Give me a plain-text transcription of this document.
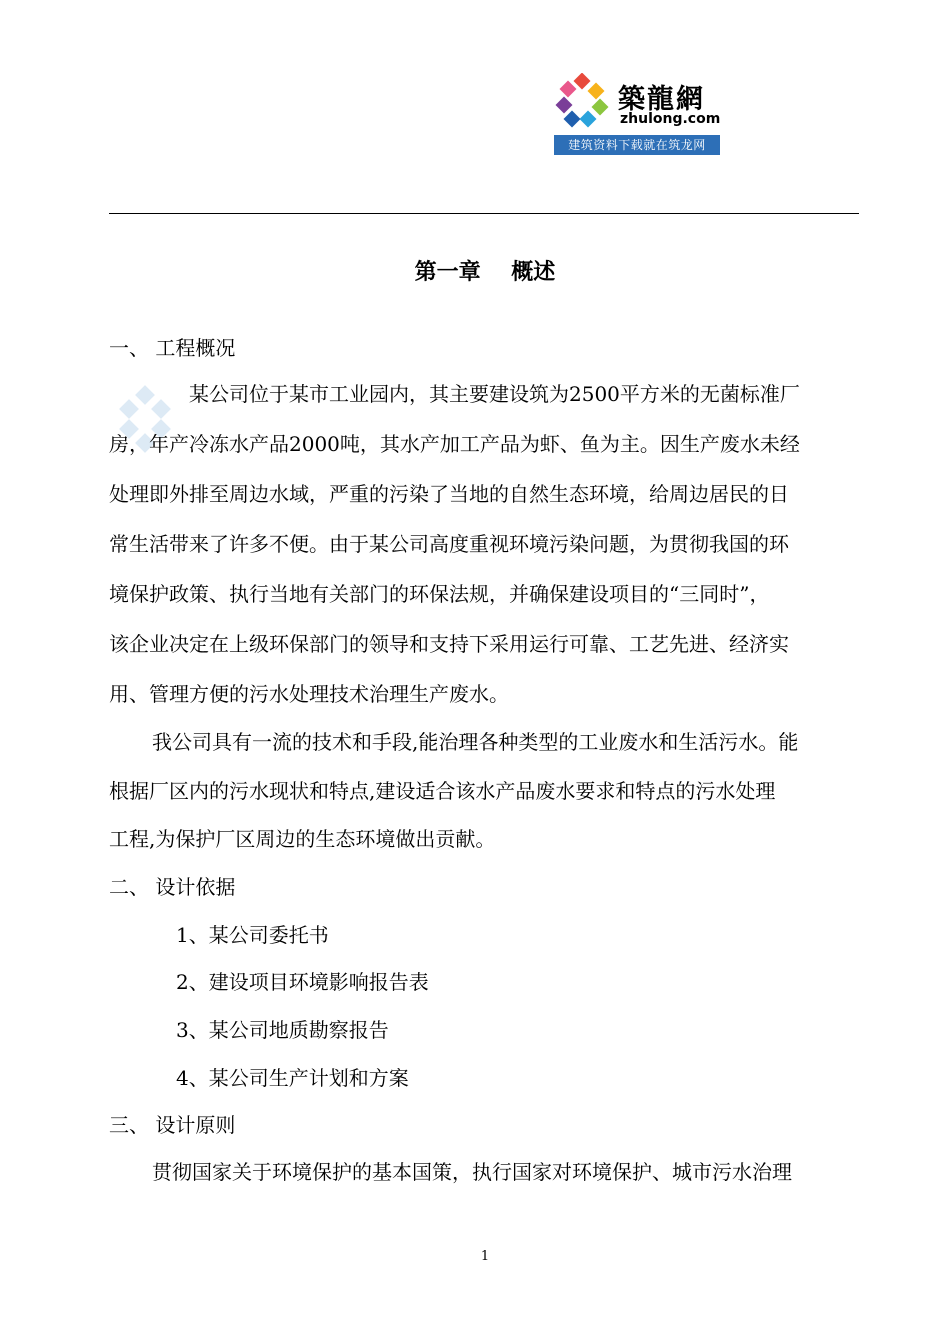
築龍網
zhulong.com
建筑资料下载就在筑龙网
第一章    概述
一、 工程概况
某公司位于某市工业园内，其主要建设筑为2500平方米的无菌标准厂
房，年产冷冻水产品2000吨，其水产加工产品为虾、鱼为主。因生产废水未经
处理即外排至周边水域，严重的污染了当地的自然生态环境，给周边居民的日
常生活带来了许多不便。由于某公司高度重视环境污染问题，为贯彻我国的环
境保护政策、执行当地有关部门的环保法规，并确保建设项目的“三同时”，
该企业决定在上级环保部门的领导和支持下采用运行可靠、工艺先进、经济实
用、管理方便的污水处理技术治理生产废水。
我公司具有一流的技术和手段,能治理各种类型的工业废水和生活污水。能
根据厂区内的污水现状和特点,建设适合该水产品废水要求和特点的污水处理
工程,为保护厂区周边的生态环境做出贡献。
二、 设计依据
1、某公司委托书
2、建设项目环境影响报告表
3、某公司地质勘察报告
4、某公司生产计划和方案
三、 设计原则
贯彻国家关于环境保护的基本国策，执行国家对环境保护、城市污水治理
1
